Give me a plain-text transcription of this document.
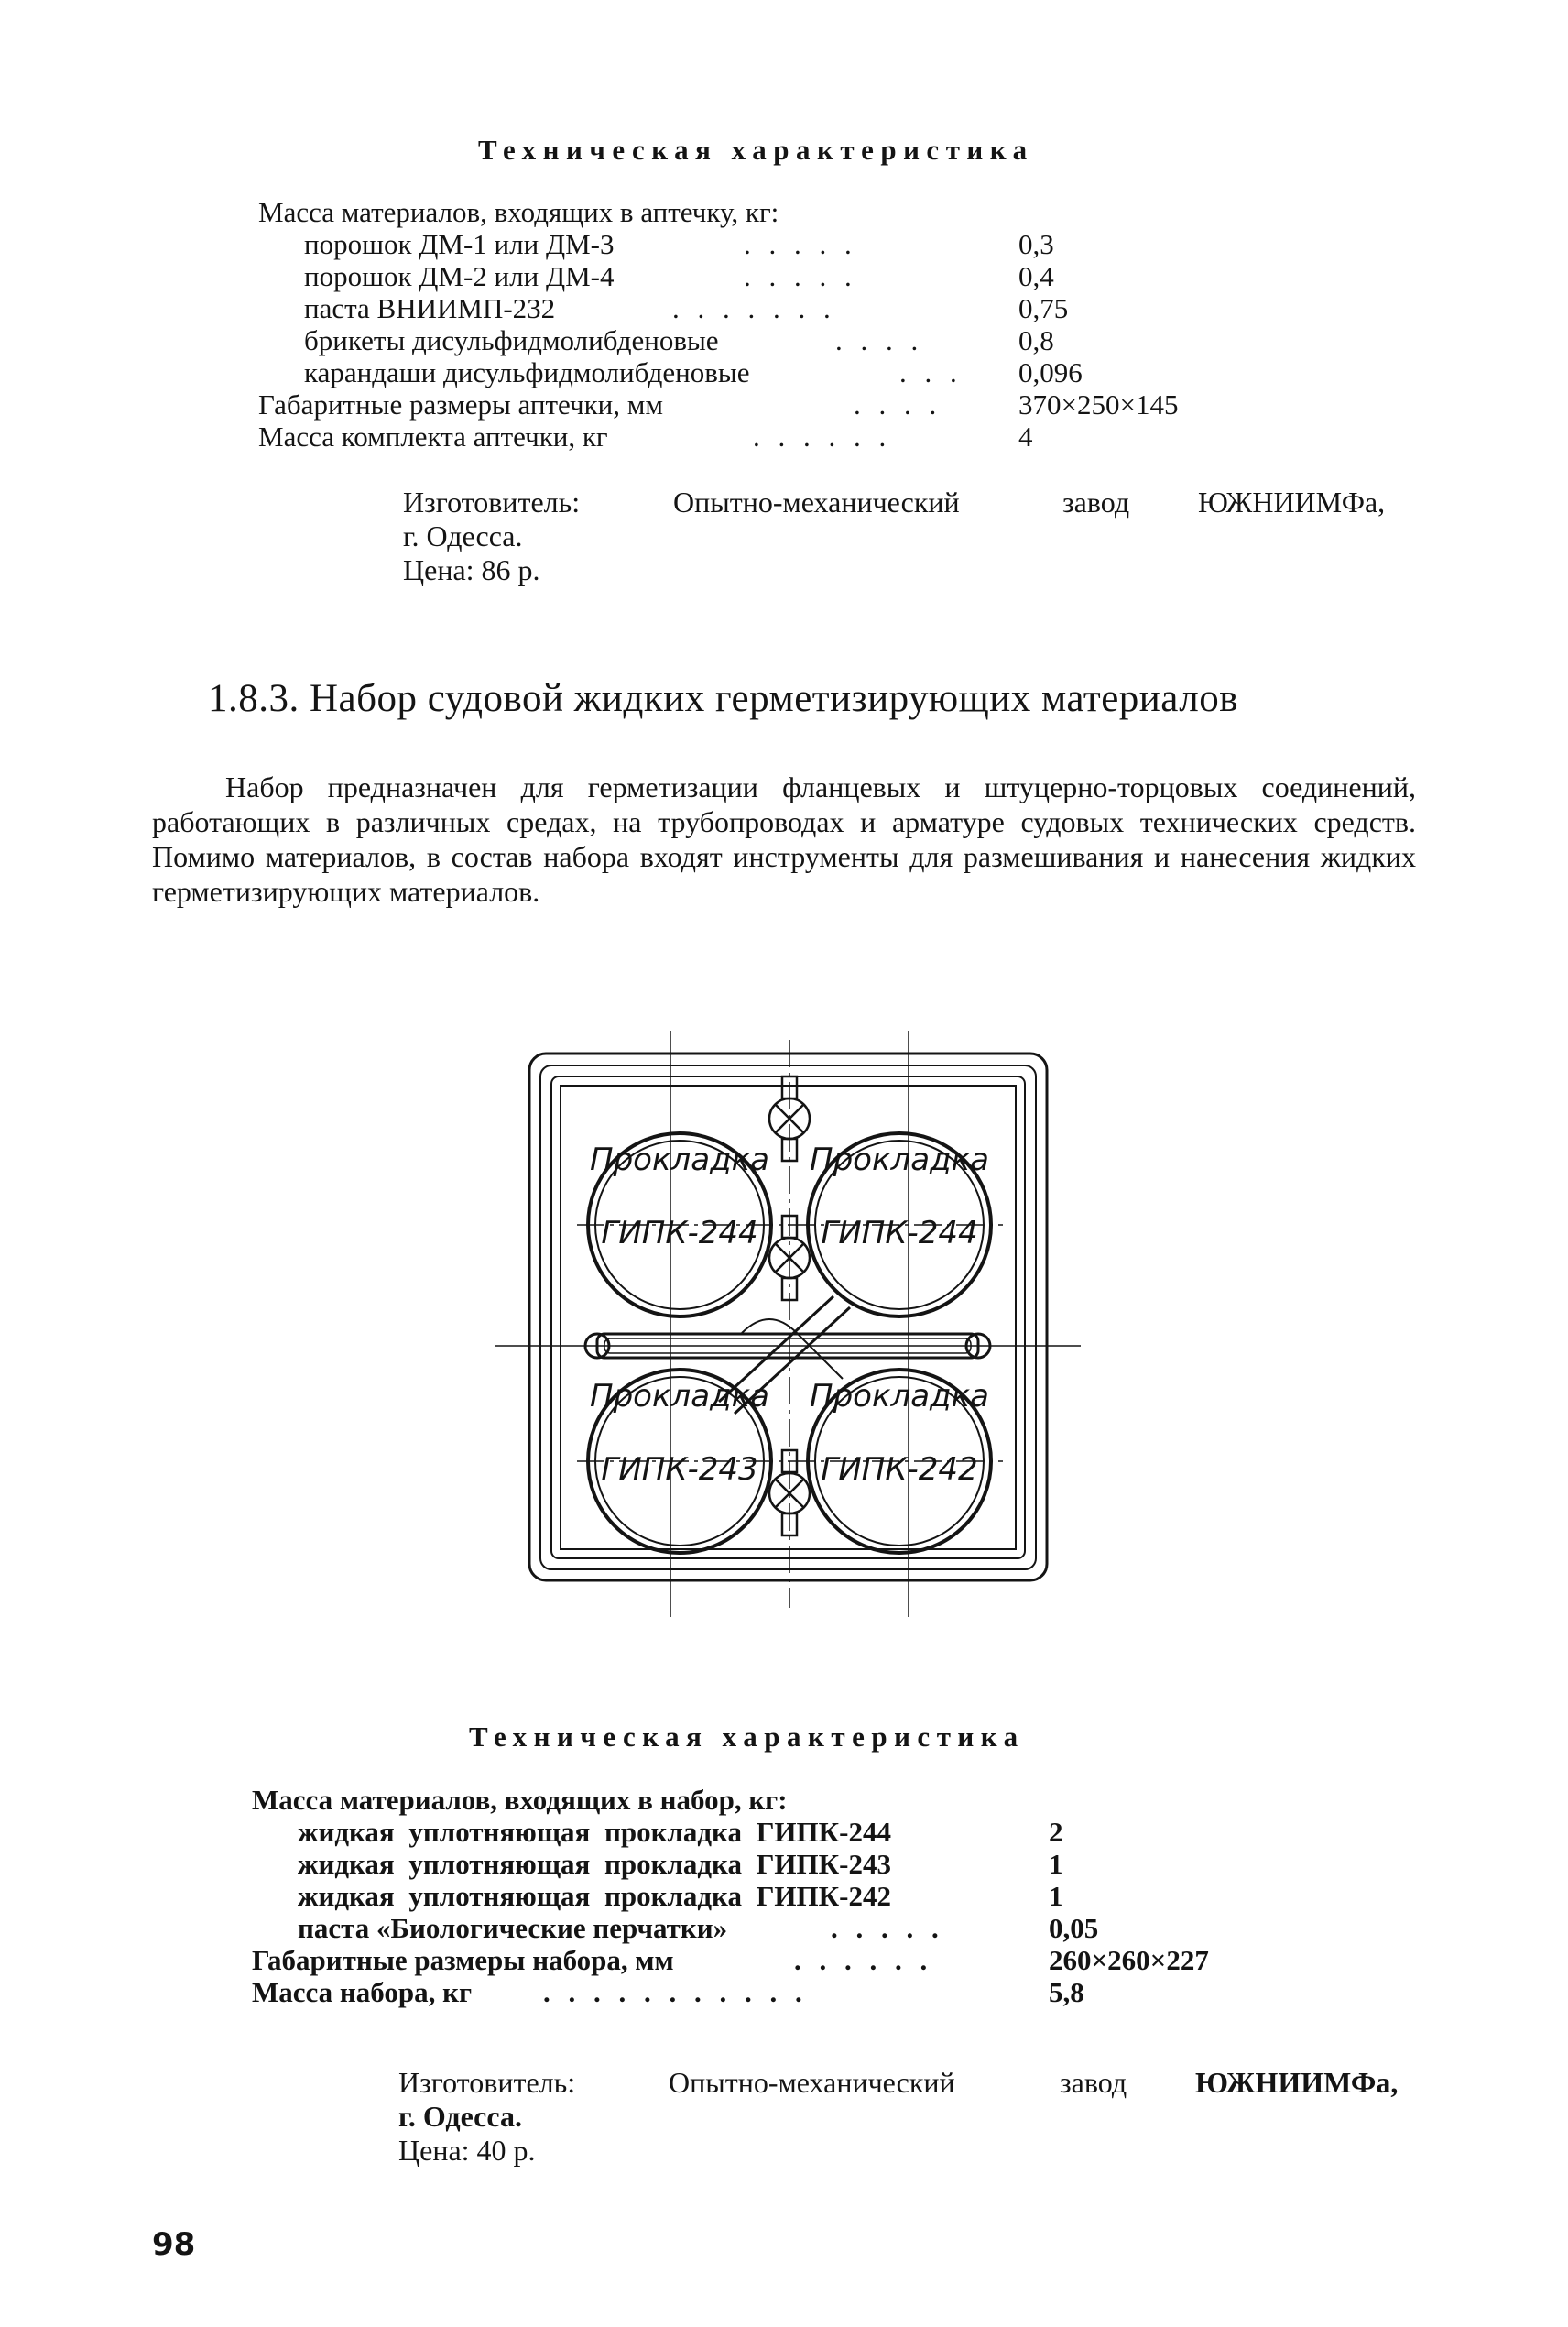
Техническая характеристика
Масса материалов, входящих в аптечку, кг:
порошок ДМ-1 или ДМ-3	. . . . .	0,3
порошок ДМ-2 или ДМ-4	. . . . .	0,4
паста ВНИИМП-232	. . . . . . .	0,75
брикеты дисульфидмолибденовые	. . . .	0,8
карандаши дисульфидмолибденовые	. . . 0,096
Габаритные размеры аптечки, мм	. . . .	370×250×145
Масса комплекта аптечки, кг	. . . . . .	4
Изготовитель:	Опытно-механический	завод ЮЖНИИМФа,
г. Одесса.
Цена: 86 р.
1.8.3. Набор судовой жидких герметизирующих материалов
Набор предназначен для герметизации фланцевых и штуцерно-торцовых соединений, работающих в различных средах, на трубопроводах и арматуре судовых технических средств. Помимо материалов, в состав набора входят инструменты для размешивания и нанесения жидких герметизирующих материалов.
Прокладка
ГИПК-244
Прокладка
ГИПК-244
Прокладка
ГИПК-243
Прокладка
ГИПК-242
Техническая характеристика
Масса материалов, входящих в набор, кг:
жидкая уплотняющая прокладка ГИПК-244	2
жидкая уплотняющая прокладка ГИПК-243	1
жидкая уплотняющая прокладка ГИПК-242	1
паста «Биологические перчатки»	. . . . .	0,05
Габаритные размеры набора, мм	. . . . . .	260×260×227
Масса набора, кг	. . . . . . . . . . .	5,8
Изготовитель:	Опытно-механический	завод ЮЖНИИМФа,
г. Одесса.
Цена: 40 р.
98
